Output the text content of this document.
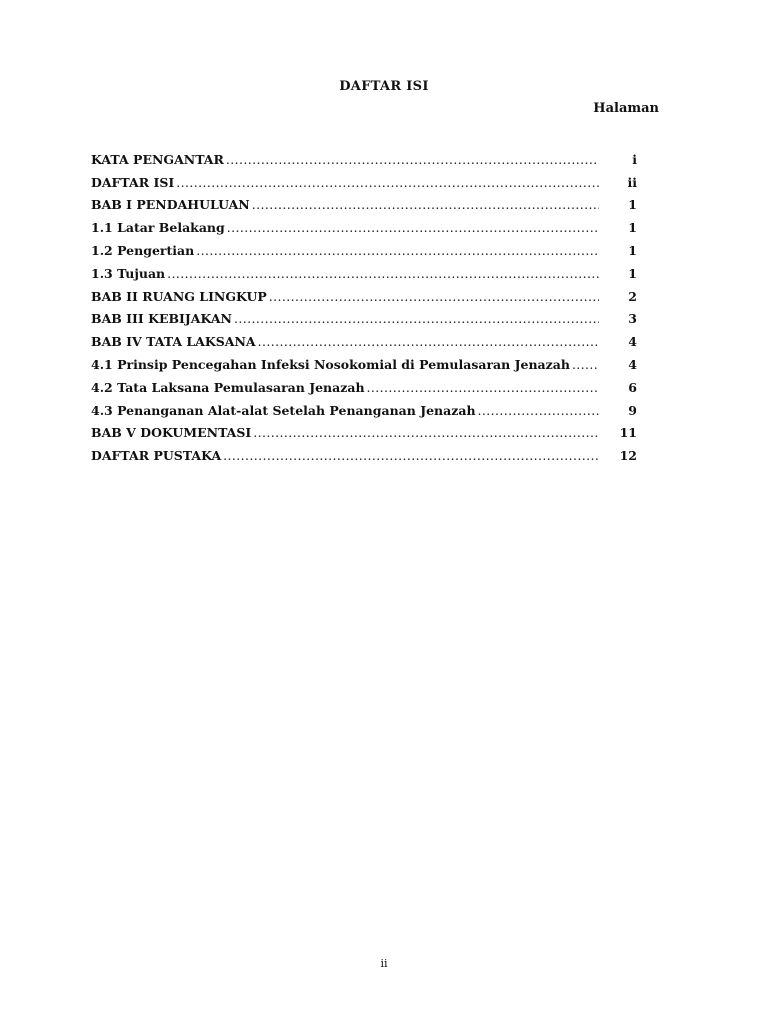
DAFTAR ISI
Halaman
KATA PENGANTAR .....	i
DAFTAR ISI .....	ii
BAB I PENDAHULUAN .....	1
1.1 Latar Belakang .....	1
1.2 Pengertian .....	1
1.3 Tujuan .....	1
BAB II RUANG LINGKUP .....	2
BAB III KEBIJAKAN .....	3
BAB IV TATA LAKSANA .....	4
4.1 Prinsip Pencegahan Infeksi Nosokomial di Pemulasaran Jenazah .....	4
4.2 Tata Laksana Pemulasaran Jenazah .....	6
4.3 Penanganan Alat-alat Setelah Penanganan Jenazah .....	9
BAB V DOKUMENTASI .....	11
DAFTAR PUSTAKA .....	12
ii
